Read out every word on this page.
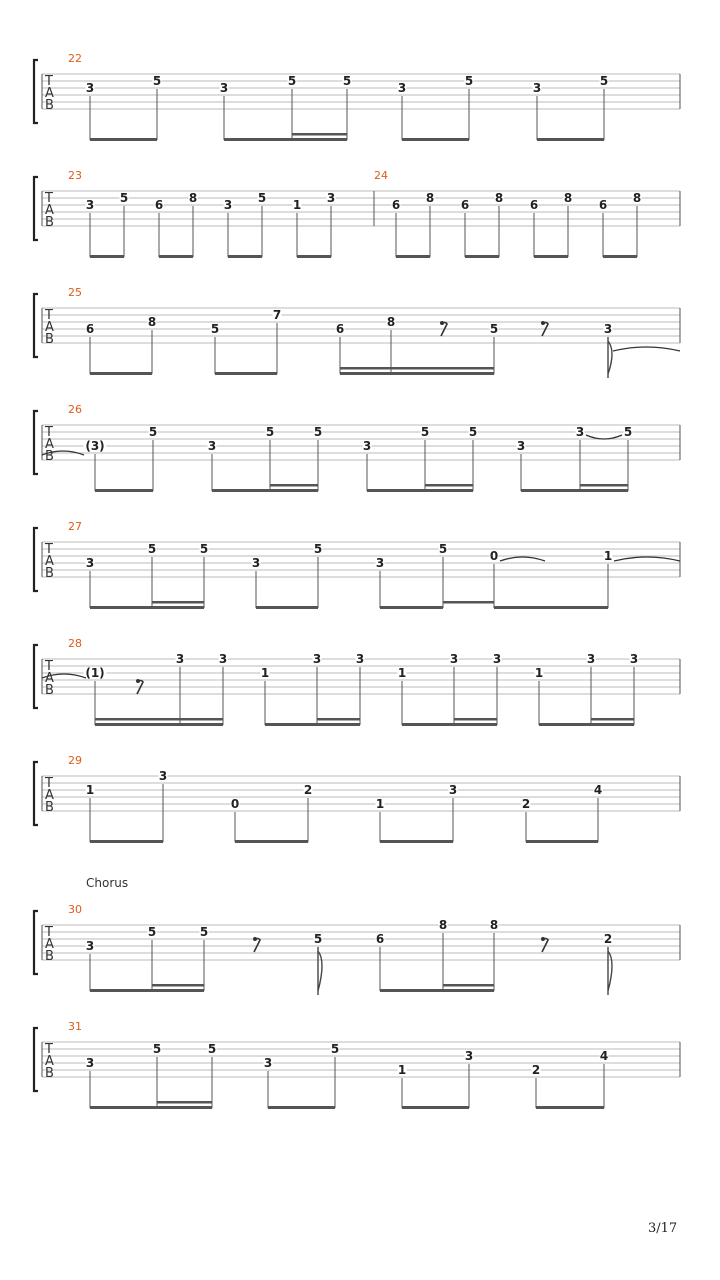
T
A
B
22
3	5	3	5	5	3	5	3	5
T
A
B
23
3 5 6 8 3 5 1 3
24
6 8 6 8 6 8 6 8
T
A
B
25
6	8	5
7
6	8	5	3
T
A
B
26
(3)
5
3
5	5
3
5	5
3
3	5
T
A
B
27
3
5	5
3
5
3
5	0	1
T
A
B
28
(1)
3	3
1
3	3
1
3	3
1
3	3
T
A
B
29
1
3
0
2
1
3
2
4
T
A
B
30
3
5	5	5	6
8	8
2
T
A
B
31
3
5	5
3
5
1
3
2
4
Chorus
3/17
